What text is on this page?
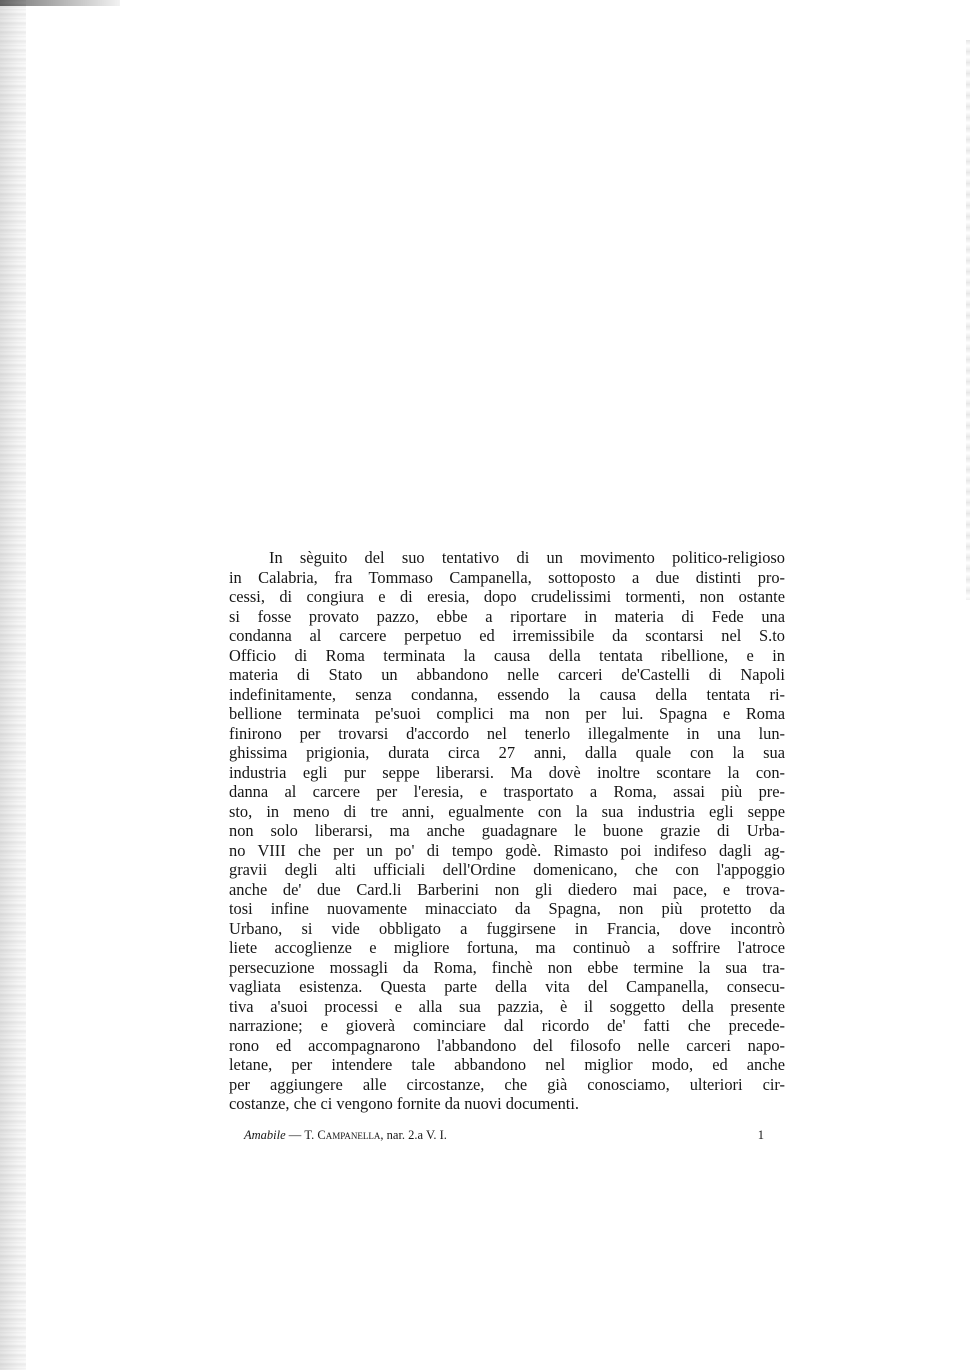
In sèguito del suo tentativo di un movimento politico-religioso
in Calabria, fra Tommaso Campanella, sottoposto a due distinti pro-
cessi, di congiura e di eresia, dopo crudelissimi tormenti, non ostante
si fosse provato pazzo, ebbe a riportare in materia di Fede una
condanna al carcere perpetuo ed irremissibile da scontarsi nel S.to
Officio di Roma terminata la causa della tentata ribellione, e in
materia di Stato un abbandono nelle carceri de'Castelli di Napoli
indefinitamente, senza condanna, essendo la causa della tentata ri-
bellione terminata pe'suoi complici ma non per lui. Spagna e Roma
finirono per trovarsi d'accordo nel tenerlo illegalmente in una lun-
ghissima prigionia, durata circa 27 anni, dalla quale con la sua
industria egli pur seppe liberarsi. Ma dovè inoltre scontare la con-
danna al carcere per l'eresia, e trasportato a Roma, assai più pre-
sto, in meno di tre anni, egualmente con la sua industria egli seppe
non solo liberarsi, ma anche guadagnare le buone grazie di Urba-
no VIII che per un po' di tempo godè. Rimasto poi indifeso dagli ag-
gravii degli alti ufficiali dell'Ordine domenicano, che con l'appoggio
anche de' due Card.li Barberini non gli diedero mai pace, e trova-
tosi infine nuovamente minacciato da Spagna, non più protetto da
Urbano, si vide obbligato a fuggirsene in Francia, dove incontrò
liete accoglienze e migliore fortuna, ma continuò a soffrire l'atroce
persecuzione mossagli da Roma, finchè non ebbe termine la sua tra-
vagliata esistenza. Questa parte della vita del Campanella, consecu-
tiva a'suoi processi e alla sua pazzia, è il soggetto della presente
narrazione; e gioverà cominciare dal ricordo de' fatti che precede-
rono ed accompagnarono l'abbandono del filosofo nelle carceri napo-
letane, per intendere tale abbandono nel miglior modo, ed anche
per aggiungere alle circostanze, che già conosciamo, ulteriori cir-
costanze, che ci vengono fornite da nuovi documenti.
Amabile — T. Campanella, nar. 2.a V. I.	1
